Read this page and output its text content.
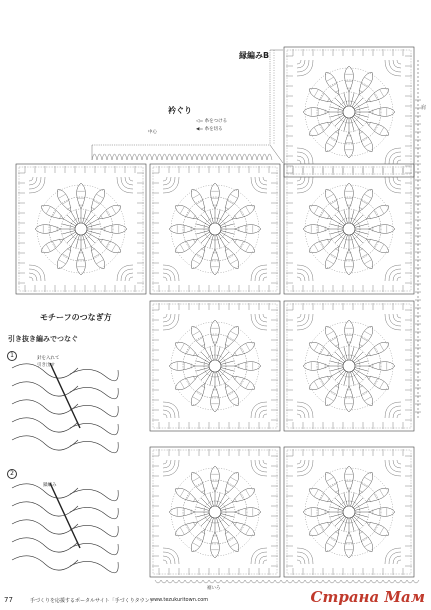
縁編みB
衿ぐり	肩
中心
裾いろ
◁= 糸をつける
◀= 糸を切る
モチーフのつなぎ方
引き抜き編みでつなぐ
1	針を入れて
引き出す
2
鎖編み
77	手づくりを応援するポータルサイト「手づくりタウン」
www.tezukuritown.com	Страна Мам
